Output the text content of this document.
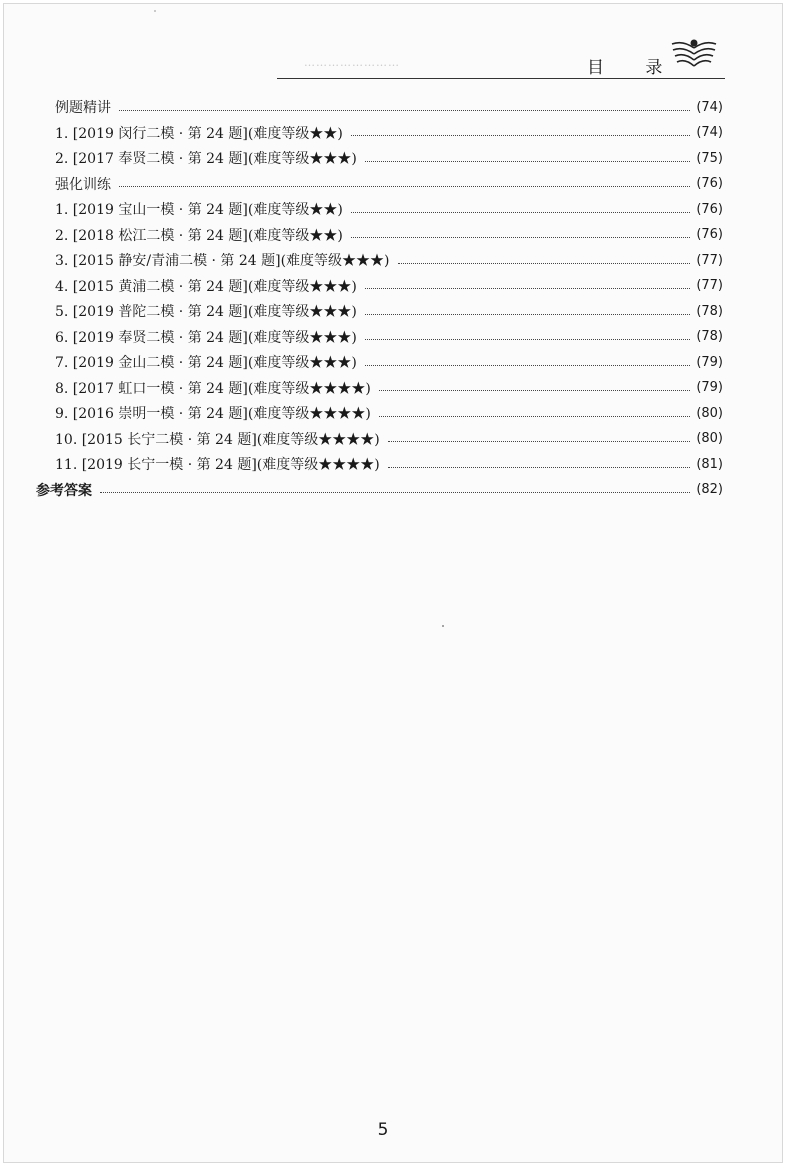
……………………	目 录
例题精讲	(74)
1. [2019 闵行二模 · 第 24 题](难度等级★★)	(74)
2. [2017 奉贤二模 · 第 24 题](难度等级★★★)	(75)
强化训练	(76)
1. [2019 宝山一模 · 第 24 题](难度等级★★)	(76)
2. [2018 松江二模 · 第 24 题](难度等级★★)	(76)
3. [2015 静安/青浦二模 · 第 24 题](难度等级★★★)	(77)
4. [2015 黄浦二模 · 第 24 题](难度等级★★★)	(77)
5. [2019 普陀二模 · 第 24 题](难度等级★★★)	(78)
6. [2019 奉贤二模 · 第 24 题](难度等级★★★)	(78)
7. [2019 金山二模 · 第 24 题](难度等级★★★)	(79)
8. [2017 虹口一模 · 第 24 题](难度等级★★★★)	(79)
9. [2016 崇明一模 · 第 24 题](难度等级★★★★)	(80)
10. [2015 长宁二模 · 第 24 题](难度等级★★★★)	(80)
11. [2019 长宁一模 · 第 24 题](难度等级★★★★)	(81)
参考答案	(82)
5
